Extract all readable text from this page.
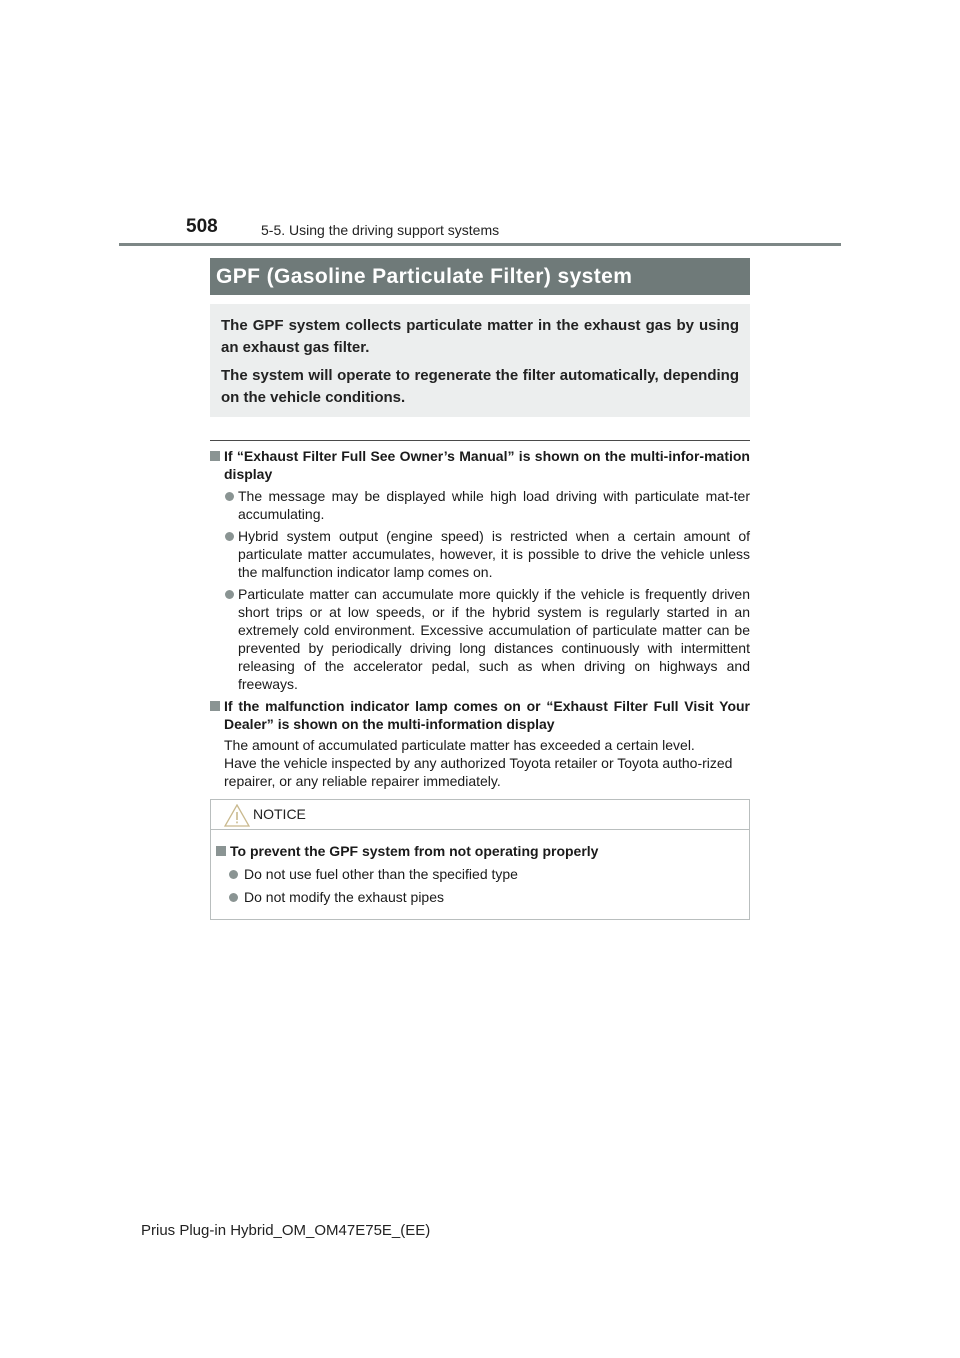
508	5-5. Using the driving support systems
GPF (Gasoline Particulate Filter) system

The GPF system collects particulate matter in the exhaust gas by using an exhaust gas filter.

The system will operate to regenerate the filter automatically, depending on the vehicle conditions.

If “Exhaust Filter Full See Owner’s Manual” is shown on the multi-infor-mation display
The message may be displayed while high load driving with particulate mat-ter accumulating.
Hybrid system output (engine speed) is restricted when a certain amount of particulate matter accumulates, however, it is possible to drive the vehicle unless the malfunction indicator lamp comes on.
Particulate matter can accumulate more quickly if the vehicle is frequently driven short trips or at low speeds, or if the hybrid system is regularly started in an extremely cold environment. Excessive accumulation of particulate matter can be prevented by periodically driving long distances continuously with intermittent releasing of the accelerator pedal, such as when driving on highways and freeways.
If the malfunction indicator lamp comes on or “Exhaust Filter Full Visit Your Dealer” is shown on the multi-information display
The amount of accumulated particulate matter has exceeded a certain level.
Have the vehicle inspected by any authorized Toyota retailer or Toyota autho-rized repairer, or any reliable repairer immediately.
NOTICE
To prevent the GPF system from not operating properly
Do not use fuel other than the specified type
Do not modify the exhaust pipes
Prius Plug-in Hybrid_OM_OM47E75E_(EE)
